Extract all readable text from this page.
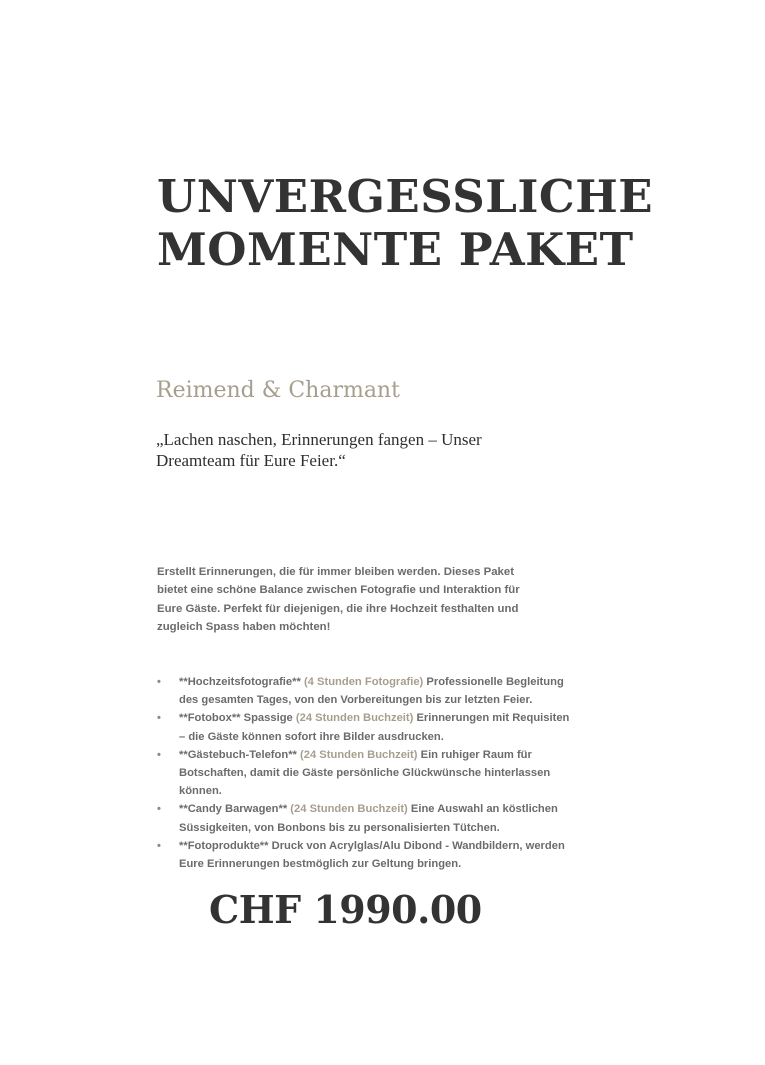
UNVERGESSLICHE
MOMENTE PAKET
Reimend & Charmant

„Lachen naschen, Erinnerungen fangen – Unser Dreamteam für Eure Feier.“

Erstellt Erinnerungen, die für immer bleiben werden. Dieses Paket bietet eine schöne Balance zwischen Fotografie und Interaktion für Eure Gäste. Perfekt für diejenigen, die ihre Hochzeit festhalten und zugleich Spass haben möchten!

• **Hochzeitsfotografie** (4 Stunden Fotografie) Professionelle Begleitung des gesamten Tages, von den Vorbereitungen bis zur letzten Feier.
• **Fotobox** Spassige (24 Stunden Buchzeit) Erinnerungen mit Requisiten – die Gäste können sofort ihre Bilder ausdrucken.
• **Gästebuch-Telefon** (24 Stunden Buchzeit) Ein ruhiger Raum für Botschaften, damit die Gäste persönliche Glückwünsche hinterlassen können.
• **Candy Barwagen** (24 Stunden Buchzeit) Eine Auswahl an köstlichen Süssigkeiten, von Bonbons bis zu personalisierten Tütchen.
• **Fotoprodukte** Druck von Acrylglas/Alu Dibond - Wandbildern, werden Eure Erinnerungen bestmöglich zur Geltung bringen.
CHF 1990.00
